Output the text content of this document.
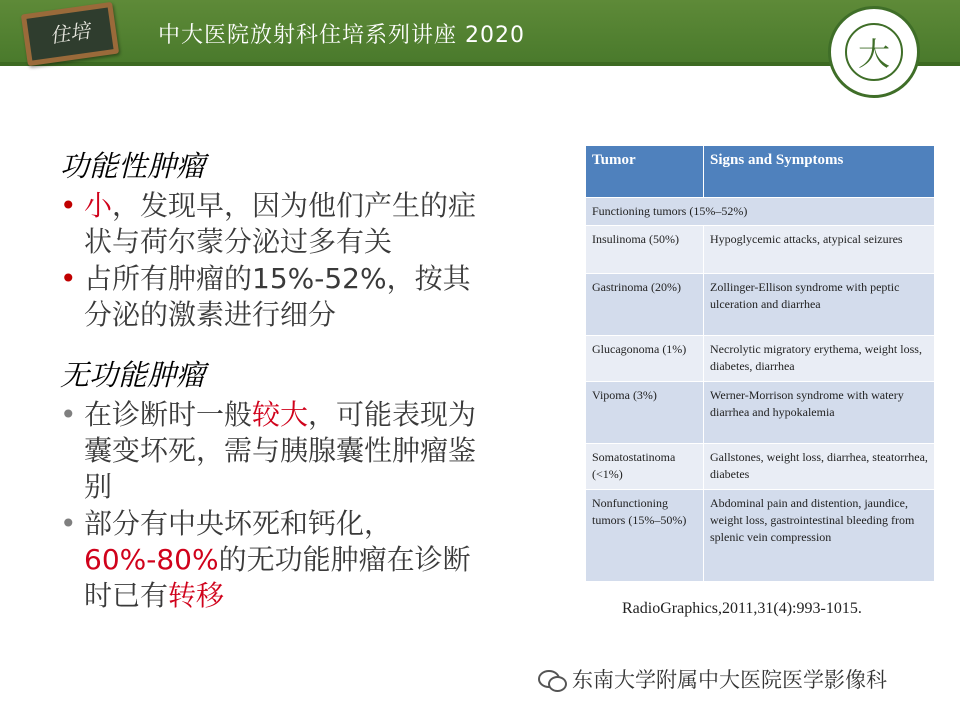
住培	中大医院放射科住培系列讲座 2020	大
功能性肿瘤
• 小，发现早，因为他们产生的症状与荷尔蒙分泌过多有关
• 占所有肿瘤的15%-52%，按其分泌的激素进行细分
无功能肿瘤
• 在诊断时一般较大，可能表现为囊变坏死，需与胰腺囊性肿瘤鉴别
• 部分有中央坏死和钙化，60%-80%的无功能肿瘤在诊断时已有转移
Tumor	Signs and Symptoms
Functioning tumors (15%–52%)	
Insulinoma (50%)	Hypoglycemic attacks, atypical seizures
Gastrinoma (20%)	Zollinger-Ellison syndrome with peptic ulceration and diarrhea
Glucagonoma (1%)	Necrolytic migratory erythema, weight loss, diabetes, diarrhea
Vipoma (3%)	Werner-Morrison syndrome with watery diarrhea and hypokalemia
Somatostatinoma (<1%)	Gallstones, weight loss, diarrhea, steatorrhea, diabetes
Nonfunctioning tumors (15%–50%)	Abdominal pain and distention, jaundice, weight loss, gastrointestinal bleeding from splenic vein compression
RadioGraphics,2011,31(4):993-1015.
东南大学附属中大医院医学影像科
